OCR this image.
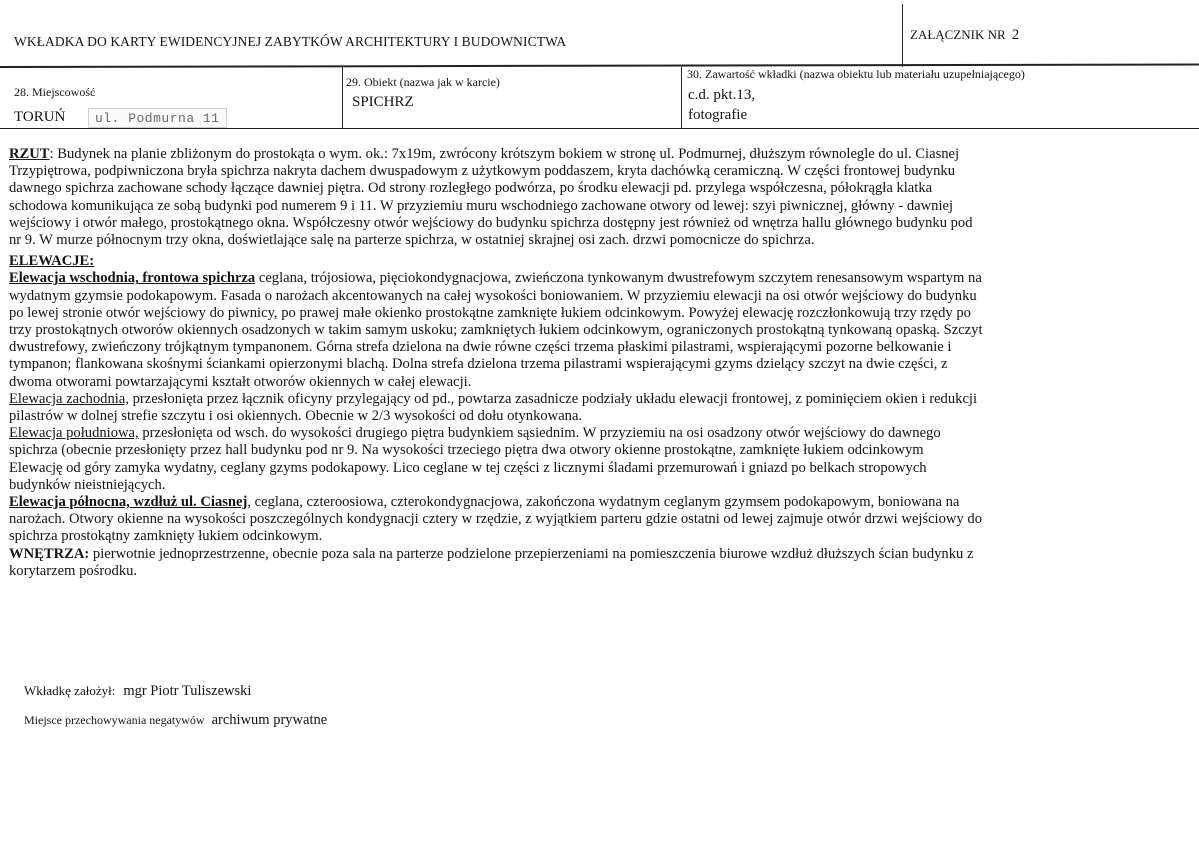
WKŁADKA DO KARTY EWIDENCYJNEJ ZABYTKÓW ARCHITEKTURY I BUDOWNICTWA	ZAŁĄCZNIK NR 2
28. Miejscowość
TORUŃ	ul. Podmurna 11
29. Obiekt (nazwa jak w karcie)
SPICHRZ
30. Zawartość wkładki (nazwa obiektu lub materiału uzupełniającego)
c.d. pkt.13,
fotografie

RZUT: Budynek na planie zbliżonym do prostokąta o wym. ok.: 7x19m, zwrócony krótszym bokiem w stronę ul. Podmurnej, dłuższym równolegle do ul. Ciasnej

Trzypiętrowa, podpiwniczona bryła spichrza nakryta dachem dwuspadowym z użytkowym poddaszem, kryta dachówką ceramiczną. W części frontowej budynku

dawnego spichrza zachowane schody łączące dawniej piętra. Od strony rozległego podwórza, po środku elewacji pd. przylega współczesna, półokrągła klatka

schodowa komunikująca ze sobą budynki pod numerem 9 i 11. W przyziemiu muru wschodniego zachowane otwory od lewej: szyi piwnicznej, główny - dawniej

wejściowy i otwór małego, prostokątnego okna. Współczesny otwór wejściowy do budynku spichrza dostępny jest również od wnętrza hallu głównego budynku pod

nr 9. W murze północnym trzy okna, doświetlające salę na parterze spichrza, w ostatniej skrajnej osi zach. drzwi pomocnicze do spichrza.

ELEWACJE:

Elewacja wschodnia, frontowa spichrza ceglana, trójosiowa, pięciokondygnacjowa, zwieńczona tynkowanym dwustrefowym szczytem renesansowym wspartym na

wydatnym gzymsie podokapowym. Fasada o narożach akcentowanych na całej wysokości boniowaniem. W przyziemiu elewacji na osi otwór wejściowy do budynku

po lewej stronie otwór wejściowy do piwnicy, po prawej małe okienko prostokątne zamknięte łukiem odcinkowym. Powyżej elewację rozczłonkowują trzy rzędy po

trzy prostokątnych otworów okiennych osadzonych w takim samym uskoku; zamkniętych łukiem odcinkowym, ograniczonych prostokątną tynkowaną opaską. Szczyt

dwustrefowy, zwieńczony trójkątnym tympanonem. Górna strefa dzielona na dwie równe części trzema płaskimi pilastrami, wspierającymi pozorne belkowanie i

tympanon; flankowana skośnymi ściankami opierzonymi blachą. Dolna strefa dzielona trzema pilastrami wspierającymi gzyms dzielący szczyt na dwie części, z

dwoma otworami powtarzającymi kształt otworów okiennych w całej elewacji.

Elewacja zachodnia, przesłonięta przez łącznik oficyny przylegający od pd., powtarza zasadnicze podziały układu elewacji frontowej, z pominięciem okien i redukcji

pilastrów w dolnej strefie szczytu i osi okiennych. Obecnie w 2/3 wysokości od dołu otynkowana.

Elewacja południowa, przesłonięta od wsch. do wysokości drugiego piętra budynkiem sąsiednim. W przyziemiu na osi osadzony otwór wejściowy do dawnego

spichrza (obecnie przesłonięty przez hall budynku pod nr 9. Na wysokości trzeciego piętra dwa otwory okienne prostokątne, zamknięte łukiem odcinkowym

Elewację od góry zamyka wydatny, ceglany gzyms podokapowy. Lico ceglane w tej części z licznymi śladami przemurowań i gniazd po belkach stropowych

budynków nieistniejących.

Elewacja północna, wzdłuż ul. Ciasnej, ceglana, czteroosiowa, czterokondygnacjowa, zakończona wydatnym ceglanym gzymsem podokapowym, boniowana na

narożach. Otwory okienne na wysokości poszczególnych kondygnacji cztery w rzędzie, z wyjątkiem parteru gdzie ostatni od lewej zajmuje otwór drzwi wejściowy do

spichrza prostokątny zamknięty łukiem odcinkowym.

WNĘTRZA: pierwotnie jednoprzestrzenne, obecnie poza sala na parterze podzielone przepierzeniami na pomieszczenia biurowe wzdłuż dłuższych ścian budynku z

korytarzem pośrodku.

Wkładkę założył: mgr Piotr Tuliszewski
Miejsce przechowywania negatywów archiwum prywatne
